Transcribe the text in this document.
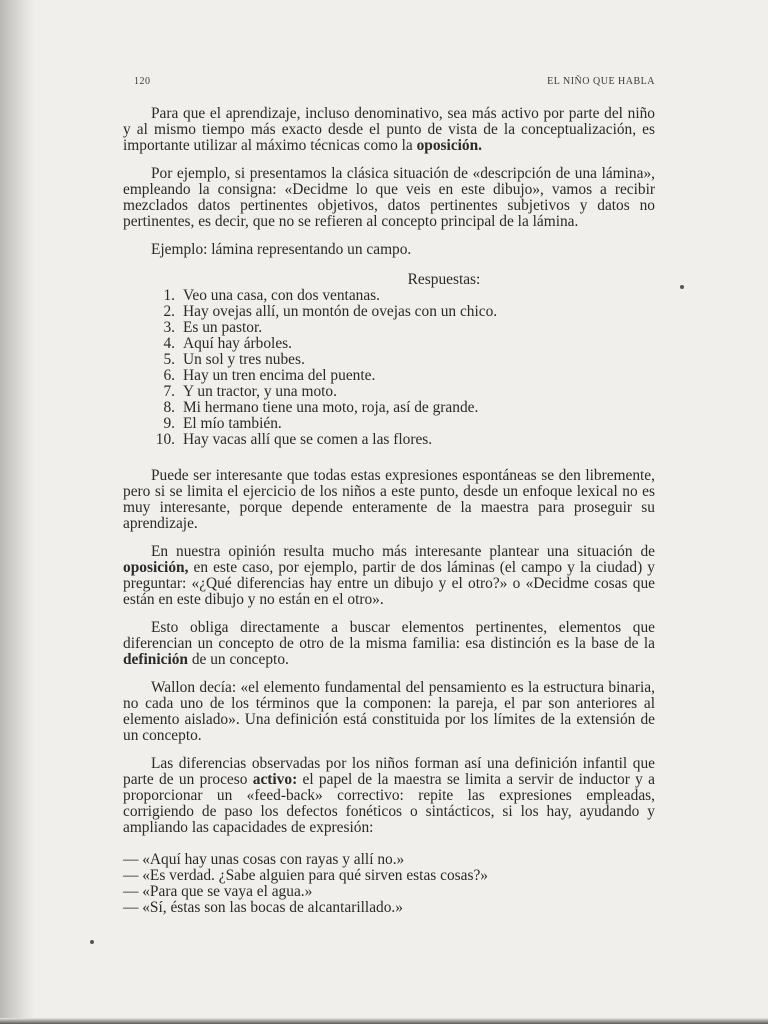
120	EL NIÑO QUE HABLA

Para que el aprendizaje, incluso denominativo, sea más activo por parte del niño y al mismo tiempo más exacto desde el punto de vista de la conceptualización, es importante utilizar al máximo técnicas como la oposición.

Por ejemplo, si presentamos la clásica situación de «descripción de una lámina», empleando la consigna: «Decidme lo que veis en este dibujo», vamos a recibir mezclados datos pertinentes objetivos, datos pertinentes subjetivos y datos no pertinentes, es decir, que no se refieren al concepto principal de la lámina.

Ejemplo: lámina representando un campo.

Respuestas:
1. Veo una casa, con dos ventanas.
2. Hay ovejas allí, un montón de ovejas con un chico.
3. Es un pastor.
4. Aquí hay árboles.
5. Un sol y tres nubes.
6. Hay un tren encima del puente.
7. Y un tractor, y una moto.
8. Mi hermano tiene una moto, roja, así de grande.
9. El mío también.
10. Hay vacas allí que se comen a las flores.

Puede ser interesante que todas estas expresiones espontáneas se den libremente, pero si se limita el ejercicio de los niños a este punto, desde un enfoque lexical no es muy interesante, porque depende enteramente de la maestra para proseguir su aprendizaje.

En nuestra opinión resulta mucho más interesante plantear una situación de oposición, en este caso, por ejemplo, partir de dos láminas (el campo y la ciudad) y preguntar: «¿Qué diferencias hay entre un dibujo y el otro?» o «Decidme cosas que están en este dibujo y no están en el otro».

Esto obliga directamente a buscar elementos pertinentes, elementos que diferencian un concepto de otro de la misma familia: esa distinción es la base de la definición de un concepto.

Wallon decía: «el elemento fundamental del pensamiento es la estructura binaria, no cada uno de los términos que la componen: la pareja, el par son anteriores al elemento aislado». Una definición está constituida por los límites de la extensión de un concepto.

Las diferencias observadas por los niños forman así una definición infantil que parte de un proceso activo: el papel de la maestra se limita a servir de inductor y a proporcionar un «feed-back» correctivo: repite las expresiones empleadas, corrigiendo de paso los defectos fonéticos o sintácticos, si los hay, ayudando y ampliando las capacidades de expresión:

— «Aquí hay unas cosas con rayas y allí no.»
— «Es verdad. ¿Sabe alguien para qué sirven estas cosas?»
— «Para que se vaya el agua.»
— «Sí, éstas son las bocas de alcantarillado.»
